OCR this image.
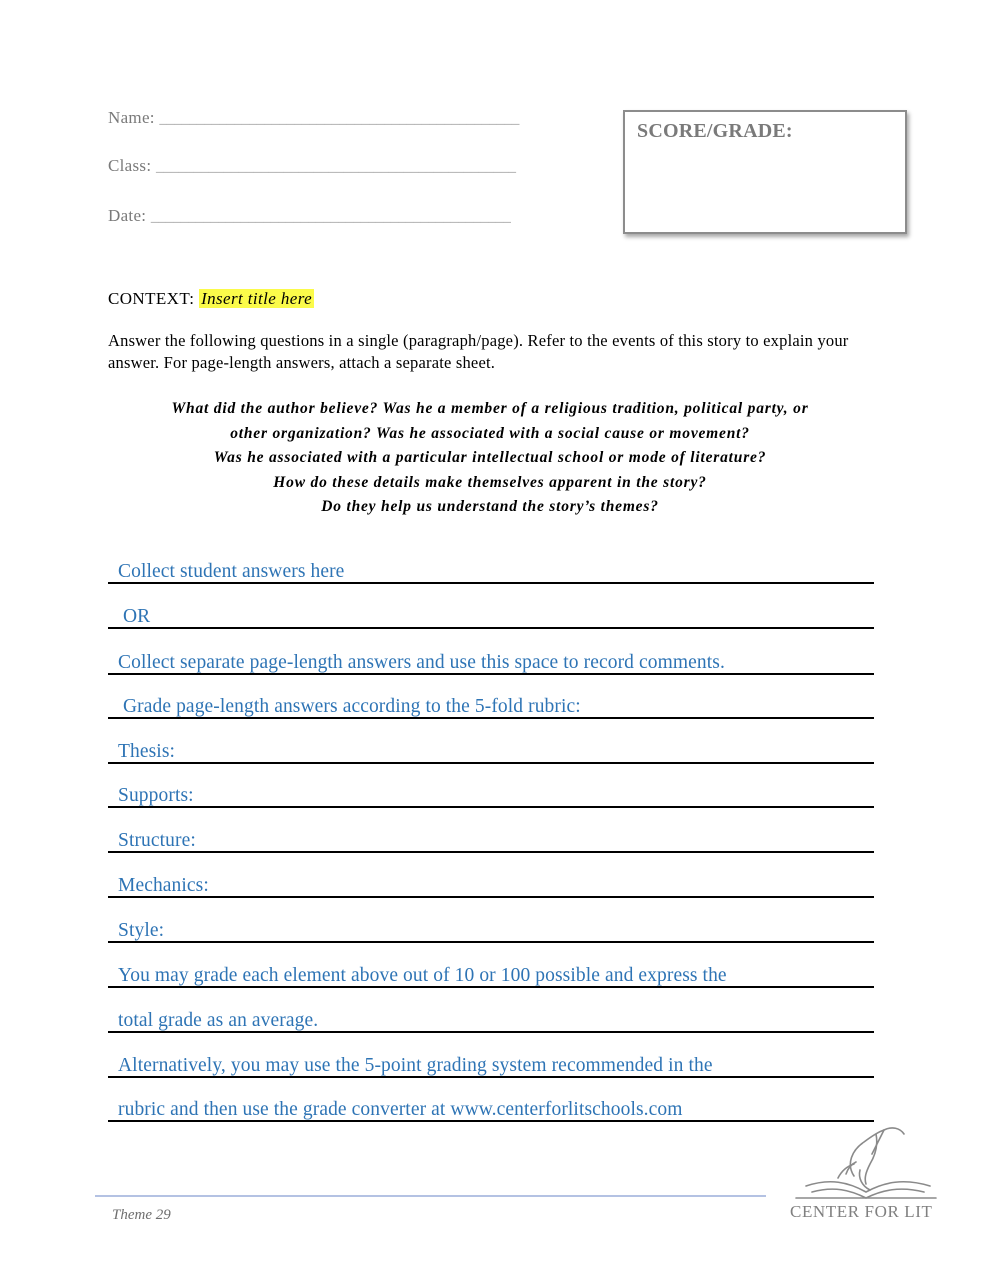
Name: ________________________________________________
Class: ________________________________________________
Date: ________________________________________________
SCORE/GRADE:
CONTEXT: Insert title here
Answer the following questions in a single (paragraph/page). Refer to the events of this story to explain your answer. For page-length answers, attach a separate sheet.
What did the author believe? Was he a member of a religious tradition, political party, or
other organization? Was he associated with a social cause or movement?
Was he associated with a particular intellectual school or mode of literature?
How do these details make themselves apparent in the story?
Do they help us understand the story’s themes?
Collect student answers here
OR
Collect separate page-length answers and use this space to record comments.
Grade page-length answers according to the 5-fold rubric:
Thesis:
Supports:
Structure:
Mechanics:
Style:
You may grade each element above out of 10 or 100 possible and express the
total grade as an average.
Alternatively, you may use the 5-point grading system recommended in the
rubric and then use the grade converter at www.centerforlitschools.com
Theme 29	CENTER FOR LIT
